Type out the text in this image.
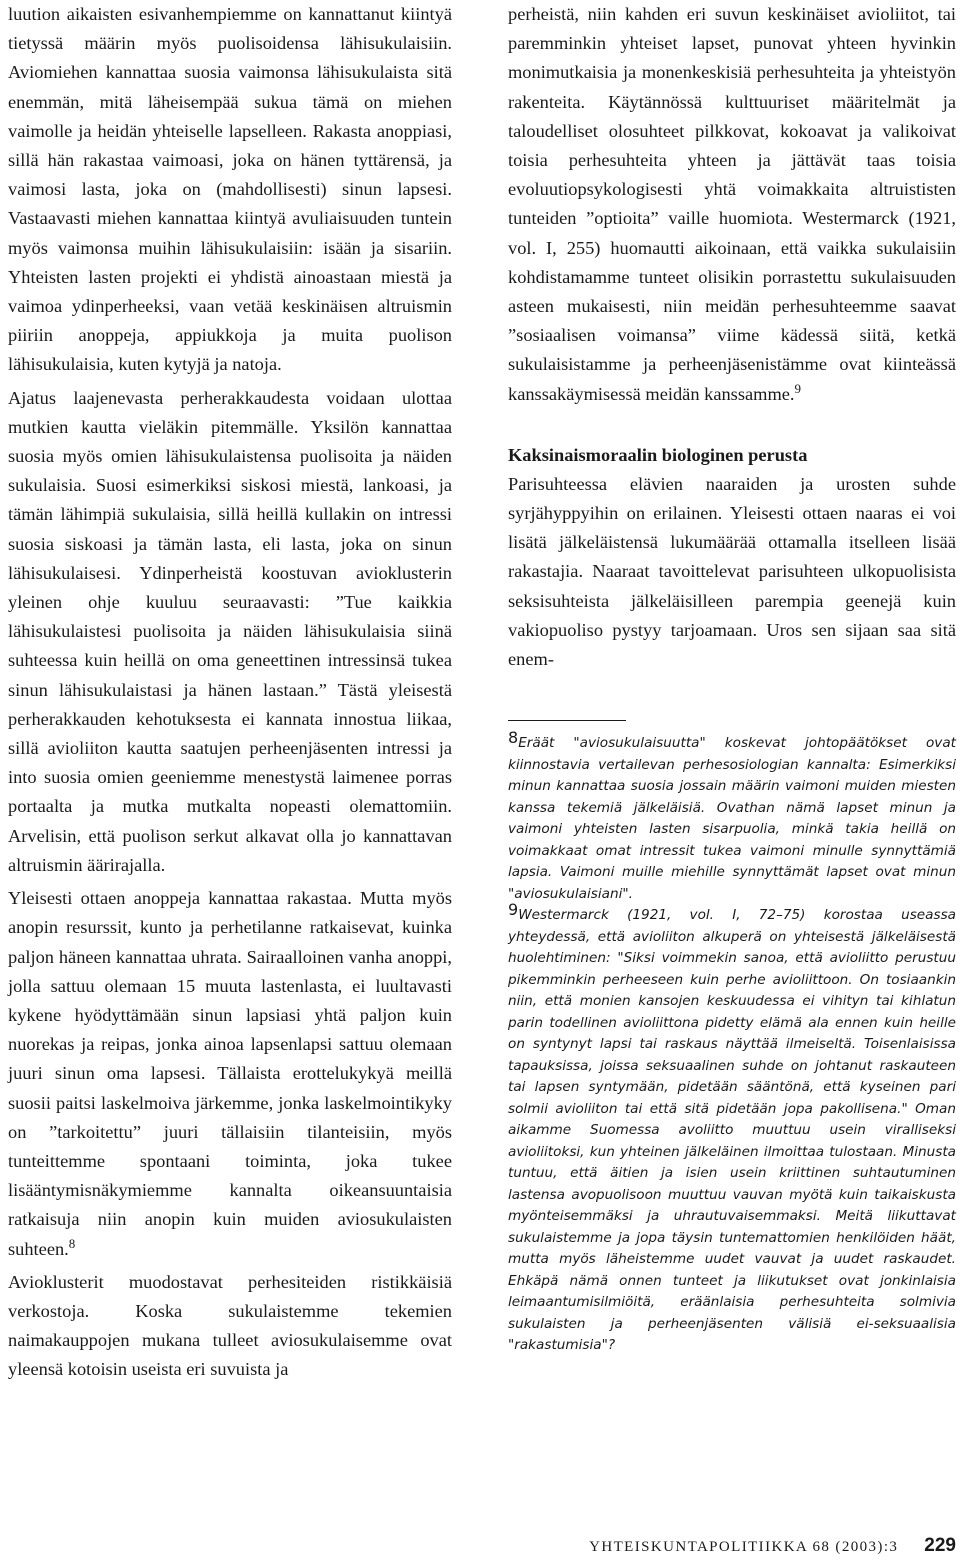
luution aikaisten esivanhempiemme on kannattanut kiintyä tietyssä määrin myös puolisoidensa lähisukulaisiin. Aviomiehen kannattaa suosia vaimonsa lähisukulaista sitä enemmän, mitä läheisempää sukua tämä on miehen vaimolle ja heidän yhteiselle lapselleen. Rakasta anoppiasi, sillä hän rakastaa vaimoasi, joka on hänen tyttärensä, ja vaimosi lasta, joka on (mahdollisesti) sinun lapsesi. Vastaavasti miehen kannattaa kiintyä avuliaisuuden tuntein myös vaimonsa muihin lähisukulaisiin: isään ja sisariin. Yhteisten lasten projekti ei yhdistä ainoastaan miestä ja vaimoa ydinperheeksi, vaan vetää keskinäisen altruismin piiriin anoppeja, appiukkoja ja muita puolison lähisukulaisia, kuten kytyjä ja natoja.

Ajatus laajenevasta perherakkaudesta voidaan ulottaa mutkien kautta vieläkin pitemmälle. Yksilön kannattaa suosia myös omien lähisukulaistensa puolisoita ja näiden sukulaisia. Suosi esimerkiksi siskosi miestä, lankoasi, ja tämän lähimpiä sukulaisia, sillä heillä kullakin on intressi suosia siskoasi ja tämän lasta, eli lasta, joka on sinun lähisukulaisesi. Ydinperheistä koostuvan avioklusterin yleinen ohje kuuluu seuraavasti: ”Tue kaikkia lähisukulaistesi puolisoita ja näiden lähisukulaisia siinä suhteessa kuin heillä on oma geneettinen intressinsä tukea sinun lähisukulaistasi ja hänen lastaan.” Tästä yleisestä perherakkauden kehotuksesta ei kannata innostua liikaa, sillä avioliiton kautta saatujen perheenjäsenten intressi ja into suosia omien geeniemme menestystä laimenee porras portaalta ja mutka mutkalta nopeasti olemattomiin. Arvelisin, että puolison serkut alkavat olla jo kannattavan altruismin äärirajalla.

Yleisesti ottaen anoppeja kannattaa rakastaa. Mutta myös anopin resurssit, kunto ja perhetilanne ratkaisevat, kuinka paljon häneen kannattaa uhrata. Sairaalloinen vanha anoppi, jolla sattuu olemaan 15 muuta lastenlasta, ei luultavasti kykene hyödyttämään sinun lapsiasi yhtä paljon kuin nuorekas ja reipas, jonka ainoa lapsenlapsi sattuu olemaan juuri sinun oma lapsesi. Tällaista erottelukykyä meillä suosii paitsi laskelmoiva järkemme, jonka laskelmointikyky on ”tarkoitettu” juuri tällaisiin tilanteisiin, myös tunteittemme spontaani toiminta, joka tukee lisääntymisnäkymiemme kannalta oikeansuuntaisia ratkaisuja niin anopin kuin muiden aviosukulaisten suhteen.$^8$

Avioklusterit muodostavat perhesiteiden ristikkäisiä verkostoja. Koska sukulaistemme tekemien naimakauppojen mukana tulleet aviosukulaisemme ovat yleensä kotoisin useista eri suvuista ja

perheistä, niin kahden eri suvun keskinäiset avioliitot, tai paremminkin yhteiset lapset, punovat yhteen hyvinkin monimutkaisia ja monenkeskisiä perhesuhteita ja yhteistyön rakenteita. Käytännössä kulttuuriset määritelmät ja taloudelliset olosuhteet pilkkovat, kokoavat ja valikoivat toisia perhesuhteita yhteen ja jättävät taas toisia evoluutiopsykologisesti yhtä voimakkaita altruististen tunteiden ”optioita” vaille huomiota. Westermarck (1921, vol. I, 255) huomautti aikoinaan, että vaikka sukulaisiin kohdistamamme tunteet olisikin porrastettu sukulaisuuden asteen mukaisesti, niin meidän perhesuhteemme saavat ”sosiaalisen voimansa” viime kädessä siitä, ketkä sukulaisistamme ja perheenjäsenistämme ovat kiinteässä kanssakäymisessä meidän kanssamme.$^9$

Kaksinaismoraalin biologinen perusta

Parisuhteessa elävien naaraiden ja urosten suhde syrjähyppyihin on erilainen. Yleisesti ottaen naaras ei voi lisätä jälkeläistensä lukumäärää ottamalla itselleen lisää rakastajia. Naaraat tavoittelevat parisuhteen ulkopuolisista seksisuhteista jälkeläisilleen parempia geenejä kuin vakiopuoliso pystyy tarjoamaan. Uros sen sijaan saa sitä enem-

8Eräät "aviosukulaisuutta" koskevat johtopäätökset ovat kiinnostavia vertailevan perhesosiologian kannalta: Esimerkiksi minun kannattaa suosia jossain määrin vaimoni muiden miesten kanssa tekemiä jälkeläisiä. Ovathan nämä lapset minun ja vaimoni yhteisten lasten sisarpuolia, minkä takia heillä on voimakkaat omat intressit tukea vaimoni minulle synnyttämiä lapsia. Vaimoni muille miehille synnyttämät lapset ovat minun "aviosukulaisiani".

9Westermarck (1921, vol. I, 72–75) korostaa useassa yhteydessä, että avioliiton alkuperä on yhteisestä jälkeläisestä huolehtiminen: "Siksi voimmekin sanoa, että avioliitto perustuu pikemminkin perheeseen kuin perhe avioliittoon. On tosiaankin niin, että monien kansojen keskuudessa ei vihityn tai kihlatun parin todellinen avioliittona pidetty elämä ala ennen kuin heille on syntynyt lapsi tai raskaus näyttää ilmeiseltä. Toisenlaisissa tapauksissa, joissa seksuaalinen suhde on johtanut raskauteen tai lapsen syntymään, pidetään sääntönä, että kyseinen pari solmii avioliiton tai että sitä pidetään jopa pakollisena." Oman aikamme Suomessa avoliitto muuttuu usein viralliseksi avioliitoksi, kun yhteinen jälkeläinen ilmoittaa tulostaan. Minusta tuntuu, että äitien ja isien usein kriittinen suhtautuminen lastensa avopuolisoon muuttuu vauvan myötä kuin taikaiskusta myönteisemmäksi ja uhrautuvaisemmaksi. Meitä liikuttavat sukulaistemme ja jopa täysin tuntemattomien henkilöiden häät, mutta myös läheistemme uudet vauvat ja uudet raskaudet. Ehkäpä nämä onnen tunteet ja liikutukset ovat jonkinlaisia leimaantumisilmiöitä, eräänlaisia perhesuhteita solmivia sukulaisten ja perheenjäsenten välisiä ei-seksuaalisia "rakastumisia"?

YHTEISKUNTAPOLITIIKKA 68 (2003):3 229
